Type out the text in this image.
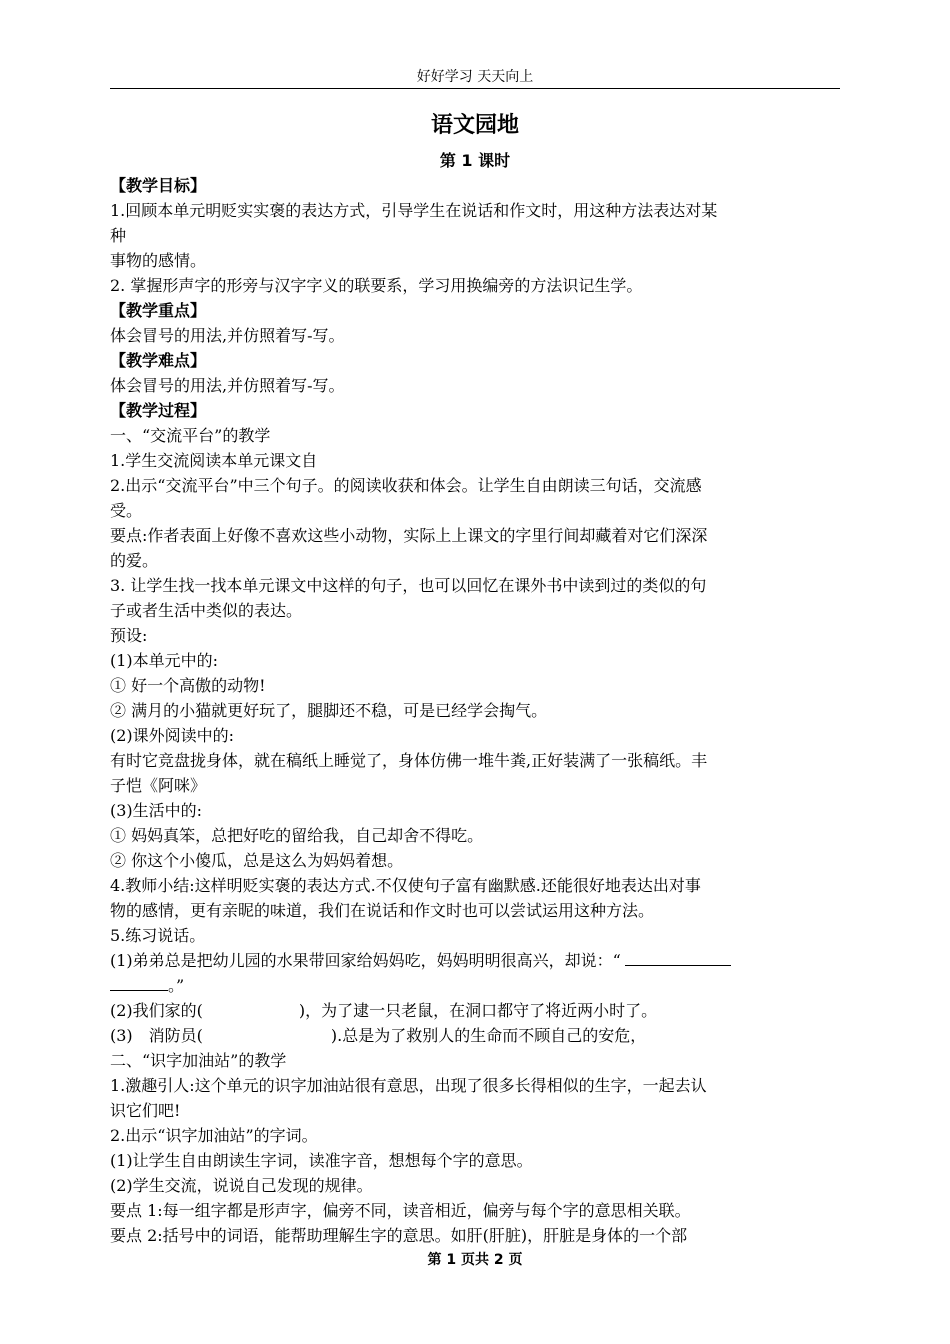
好好学习 天天向上
语文园地
第 1 课时
【教学目标】
1.回顾本单元明贬实实褒的表达方式，引导学生在说话和作文时，用这种方法表达对某
种
事物的感情。
2. 掌握形声字的形旁与汉字字义的联要系，学习用换编旁的方法识记生学。
【教学重点】
体会冒号的用法,并仿照着写-写。
【教学难点】
体会冒号的用法,并仿照着写-写。
【教学过程】
一、“交流平台”的教学
1.学生交流阅读本单元课文自
2.出示“交流平台”中三个句子。的阅读收获和体会。让学生自由朗读三句话，交流感
受。
要点:作者表面上好像不喜欢这些小动物，实际上上课文的字里行间却藏着对它们深深
的爱。
3. 让学生找一找本单元课文中这样的句子，也可以回忆在课外书中读到过的类似的句
子或者生活中类似的表达。
预设:
(1)本单元中的:
① 好一个高傲的动物!
② 满月的小猫就更好玩了，腿脚还不稳，可是已经学会掏气。
(2)课外阅读中的:
有时它竞盘拢身体，就在稿纸上睡觉了，身体仿佛一堆牛粪,正好装满了一张稿纸。丰
子恺《阿咪》
(3)生活中的:
① 妈妈真笨，总把好吃的留给我，自己却舍不得吃。
② 你这个小傻瓜，总是这么为妈妈着想。
4.教师小结:这样明贬实褒的表达方式.不仅使句子富有幽默感.还能很好地表达出对事
物的感情，更有亲昵的味道，我们在说话和作文时也可以尝试运用这种方法。
5.练习说话。
(1)弟弟总是把幼儿园的水果带回家给妈妈吃，妈妈明明很高兴，却说：“
。”
(2)我们家的(　　　　　　)，为了逮一只老鼠，在洞口都守了将近两小时了。
(3)　消防员(　　　　　　　　).总是为了救别人的生命而不顾自己的安危，
二、“识字加油站”的教学
1.激趣引人:这个单元的识字加油站很有意思，出现了很多长得相似的生字，一起去认
识它们吧!
2.出示“识字加油站”的字词。
(1)让学生自由朗读生字词，读准字音，想想每个字的意思。
(2)学生交流，说说自己发现的规律。
要点 1:每一组字都是形声字，偏旁不同，读音相近，偏旁与每个字的意思相关联。
要点 2:括号中的词语，能帮助理解生字的意思。如肝(肝脏)，肝脏是身体的一个部
第 1 页共 2 页
